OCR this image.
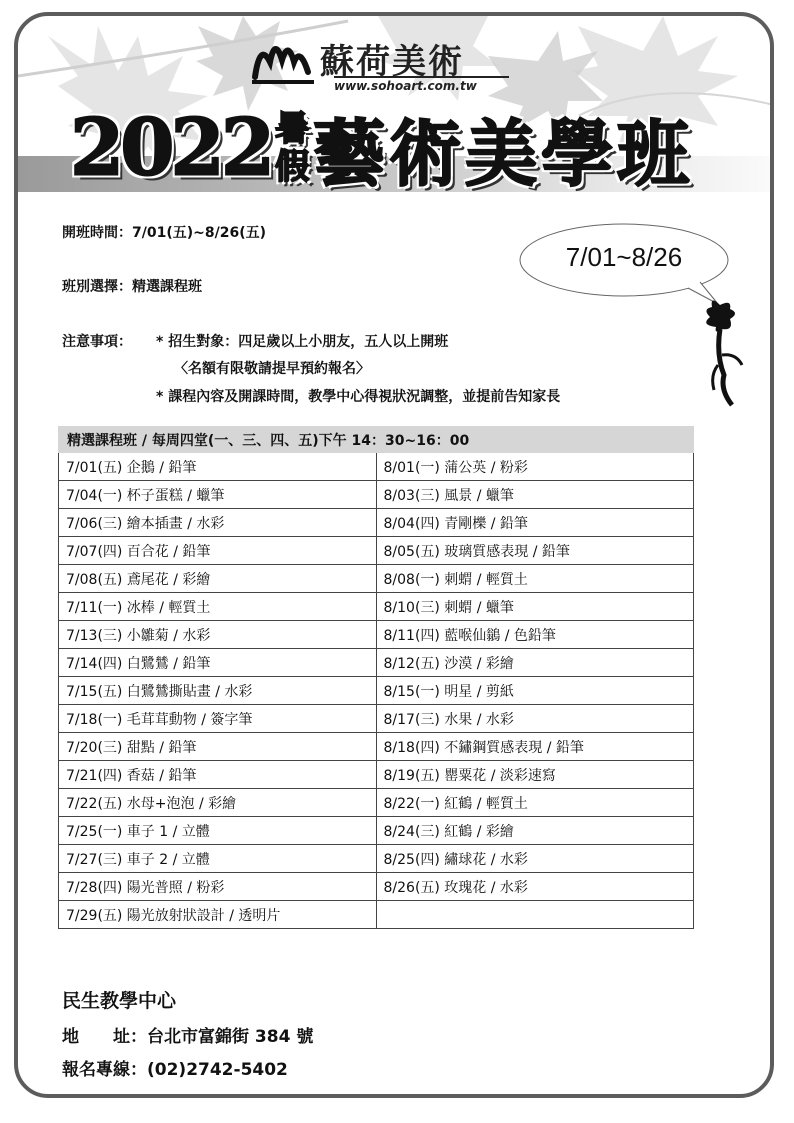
蘇荷美術
www.sohoart.com.tw
2022 暑
假藝術美學班
開班時間：7/01(五)~8/26(五)
班別選擇：精選課程班
注意事項： * 招生對象：四足歲以上小朋友，五人以上開班
〈名額有限敬請提早預約報名〉
* 課程內容及開課時間，教學中心得視狀況調整，並提前告知家長
7/01~8/26
精選課程班 / 每周四堂(一、三、四、五)下午 14：30~16：00	
7/01(五) 企鵝 / 鉛筆	8/01(一) 蒲公英 / 粉彩
7/04(一) 杯子蛋糕 / 蠟筆	8/03(三) 風景 / 蠟筆
7/06(三) 繪本插畫 / 水彩	8/04(四) 青剛櫟 / 鉛筆
7/07(四) 百合花 / 鉛筆	8/05(五) 玻璃質感表現 / 鉛筆
7/08(五) 鳶尾花 / 彩繪	8/08(一) 刺蝟 / 輕質土
7/11(一) 冰棒 / 輕質土	8/10(三) 刺蝟 / 蠟筆
7/13(三) 小雛菊 / 水彩	8/11(四) 藍喉仙鶲 / 色鉛筆
7/14(四) 白鷺鷥 / 鉛筆	8/12(五) 沙漠 / 彩繪
7/15(五) 白鷺鷥撕貼畫 / 水彩	8/15(一) 明星 / 剪紙
7/18(一) 毛茸茸動物 / 簽字筆	8/17(三) 水果 / 水彩
7/20(三) 甜點 / 鉛筆	8/18(四) 不鏽鋼質感表現 / 鉛筆
7/21(四) 香菇 / 鉛筆	8/19(五) 罌粟花 / 淡彩速寫
7/22(五) 水母+泡泡 / 彩繪	8/22(一) 紅鶴 / 輕質土
7/25(一) 車子 1 / 立體	8/24(三) 紅鶴 / 彩繪
7/27(三) 車子 2 / 立體	8/25(四) 繡球花 / 水彩
7/28(四) 陽光普照 / 粉彩	8/26(五) 玫瑰花 / 水彩
7/29(五) 陽光放射狀設計 / 透明片	
民生教學中心
地　　址：台北市富錦街 384 號
報名專線：(02)2742-5402
